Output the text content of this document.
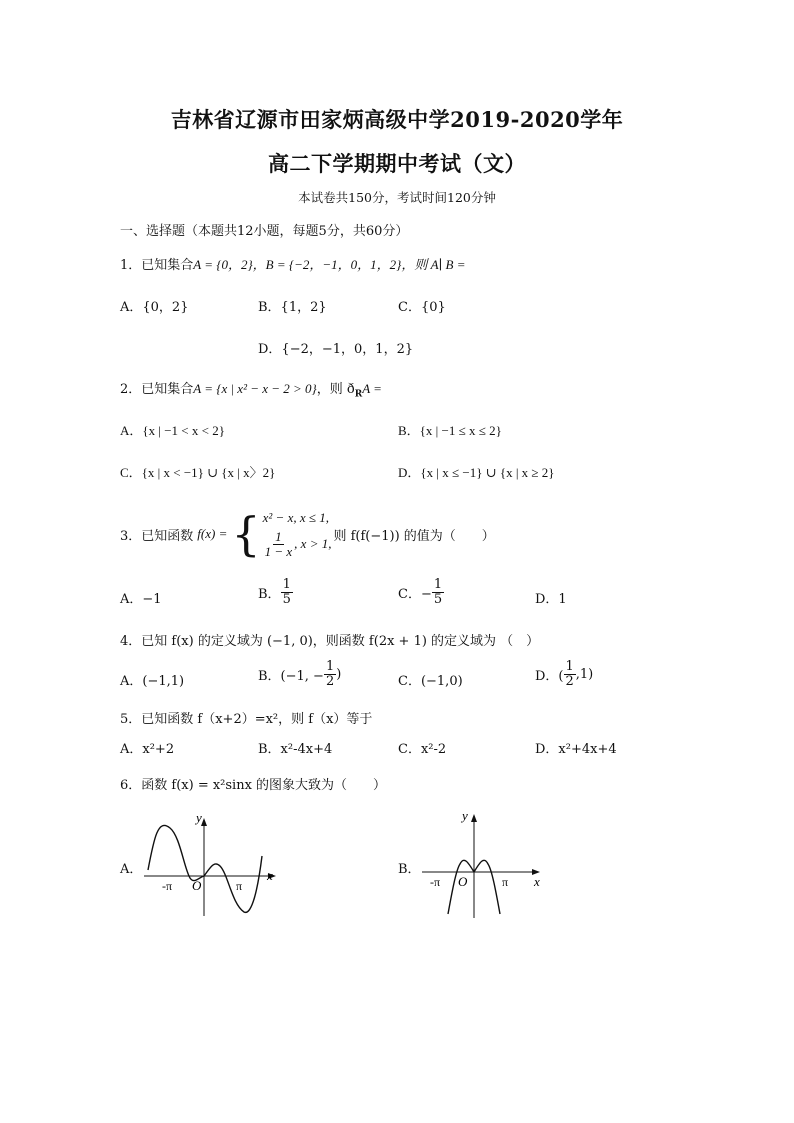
吉林省辽源市田家炳高级中学2019-2020学年
高二下学期期中考试（文）
本试卷共150分，考试时间120分钟
一、选择题（本题共12小题，每题5分，共60分）
1．已知集合A = {0，2}，B = {−2，−1，0，1，2}，则 A∣ B =
A．{0，2}	B．{1，2}	C．{0}
D．{−2，−1，0，1，2}
2．已知集合A = {x | x² − x − 2 > 0}，则 $ð_RA$ =
A．{x | −1 < x < 2}	B．{x | −1 ≤ x ≤ 2}
C．{x | x < −1} ∪ {x | x〉2}	D．{x | x ≤ −1} ∪ {x | x ≥ 2}
3．已知函数 f(x) = { x² − x, x ≤ 1,
$\frac{1}{1 - x}$ , x > 1, 则 f(f(−1)) 的值为（　　）
A．−1	B． $\frac{1}{5}$	C．− $\frac{1}{5}$	D．1
4．已知 f(x) 的定义域为 (−1, 0)，则函数 f(2x + 1) 的定义域为 （　）
A．(−1,1)	B．(−1, − $\frac{1}{2}$ )	C．(−1,0)	D．( $\frac{1}{2} ,1$)
5．已知函数 f（x+2）=x²，则 f（x）等于
A．x²+2	B．x²-4x+4	C．x²-2	D．x²+4x+4
6．函数 f(x) = x²sinx 的图象大致为（　　）
A．	x
y
O
-π	π
B．
x
y
O
-π	π
